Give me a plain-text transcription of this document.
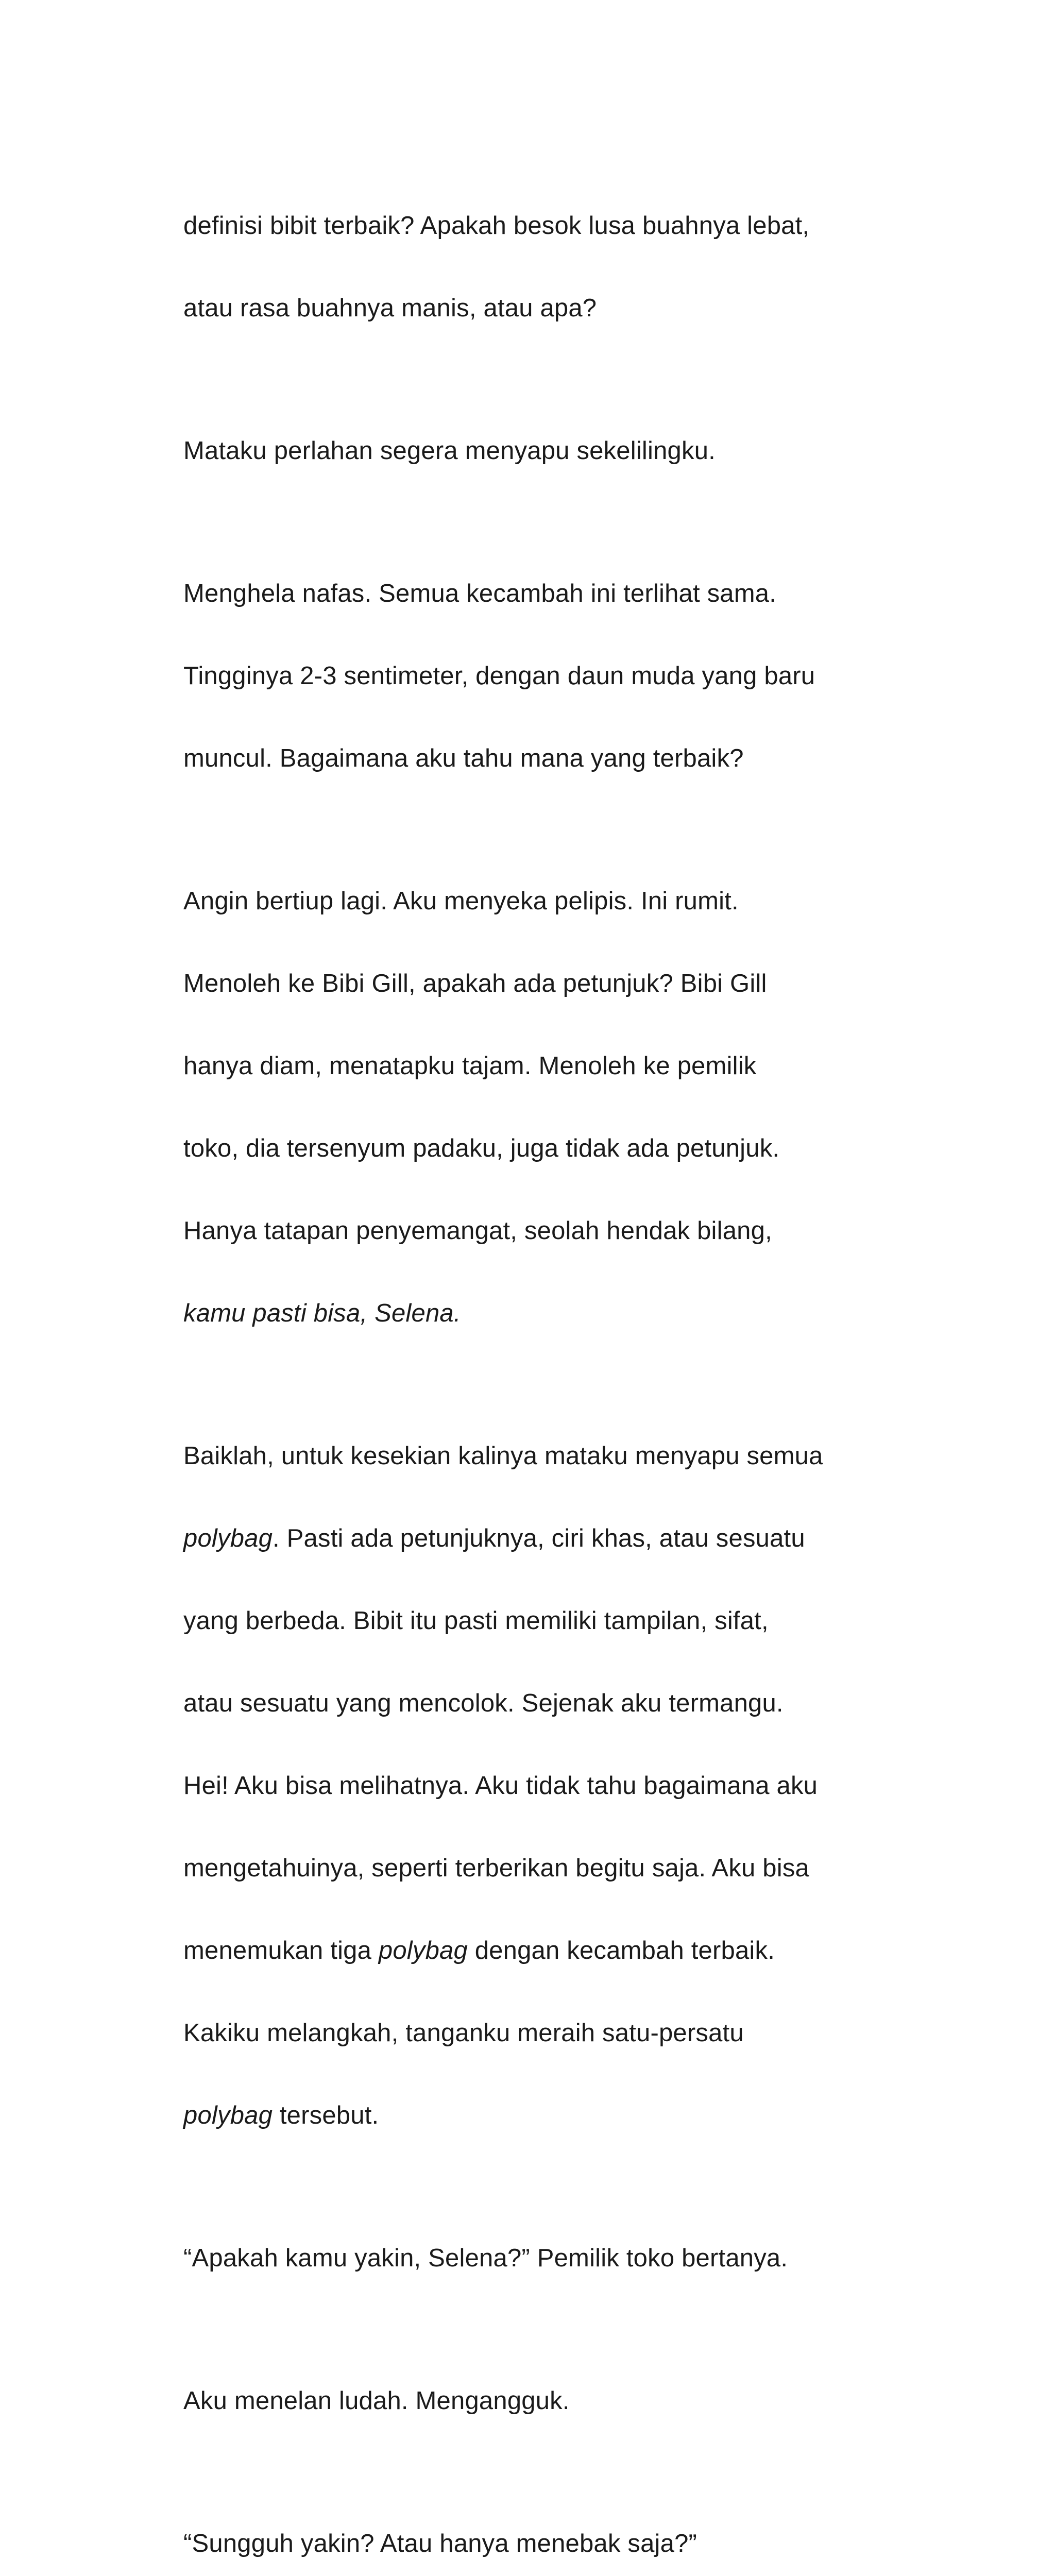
definisi bibit terbaik? Apakah besok lusa buahnya lebat,

atau rasa buahnya manis, atau apa?

Mataku perlahan segera menyapu sekelilingku.

Menghela nafas. Semua kecambah ini terlihat sama.

Tingginya 2-3 sentimeter, dengan daun muda yang baru

muncul. Bagaimana aku tahu mana yang terbaik?

Angin bertiup lagi. Aku menyeka pelipis. Ini rumit.

Menoleh ke Bibi Gill, apakah ada petunjuk? Bibi Gill

hanya diam, menatapku tajam. Menoleh ke pemilik

toko, dia tersenyum padaku, juga tidak ada petunjuk.

Hanya tatapan penyemangat, seolah hendak bilang,

kamu pasti bisa, Selena.

Baiklah, untuk kesekian kalinya mataku menyapu semua

polybag. Pasti ada petunjuknya, ciri khas, atau sesuatu

yang berbeda. Bibit itu pasti memiliki tampilan, sifat,

atau sesuatu yang mencolok. Sejenak aku termangu.

Hei! Aku bisa melihatnya. Aku tidak tahu bagaimana aku

mengetahuinya, seperti terberikan begitu saja. Aku bisa

menemukan tiga polybag dengan kecambah terbaik.

Kakiku melangkah, tanganku meraih satu-persatu

polybag tersebut.

“Apakah kamu yakin, Selena?” Pemilik toko bertanya.

Aku menelan ludah. Mengangguk.

“Sungguh yakin? Atau hanya menebak saja?”
